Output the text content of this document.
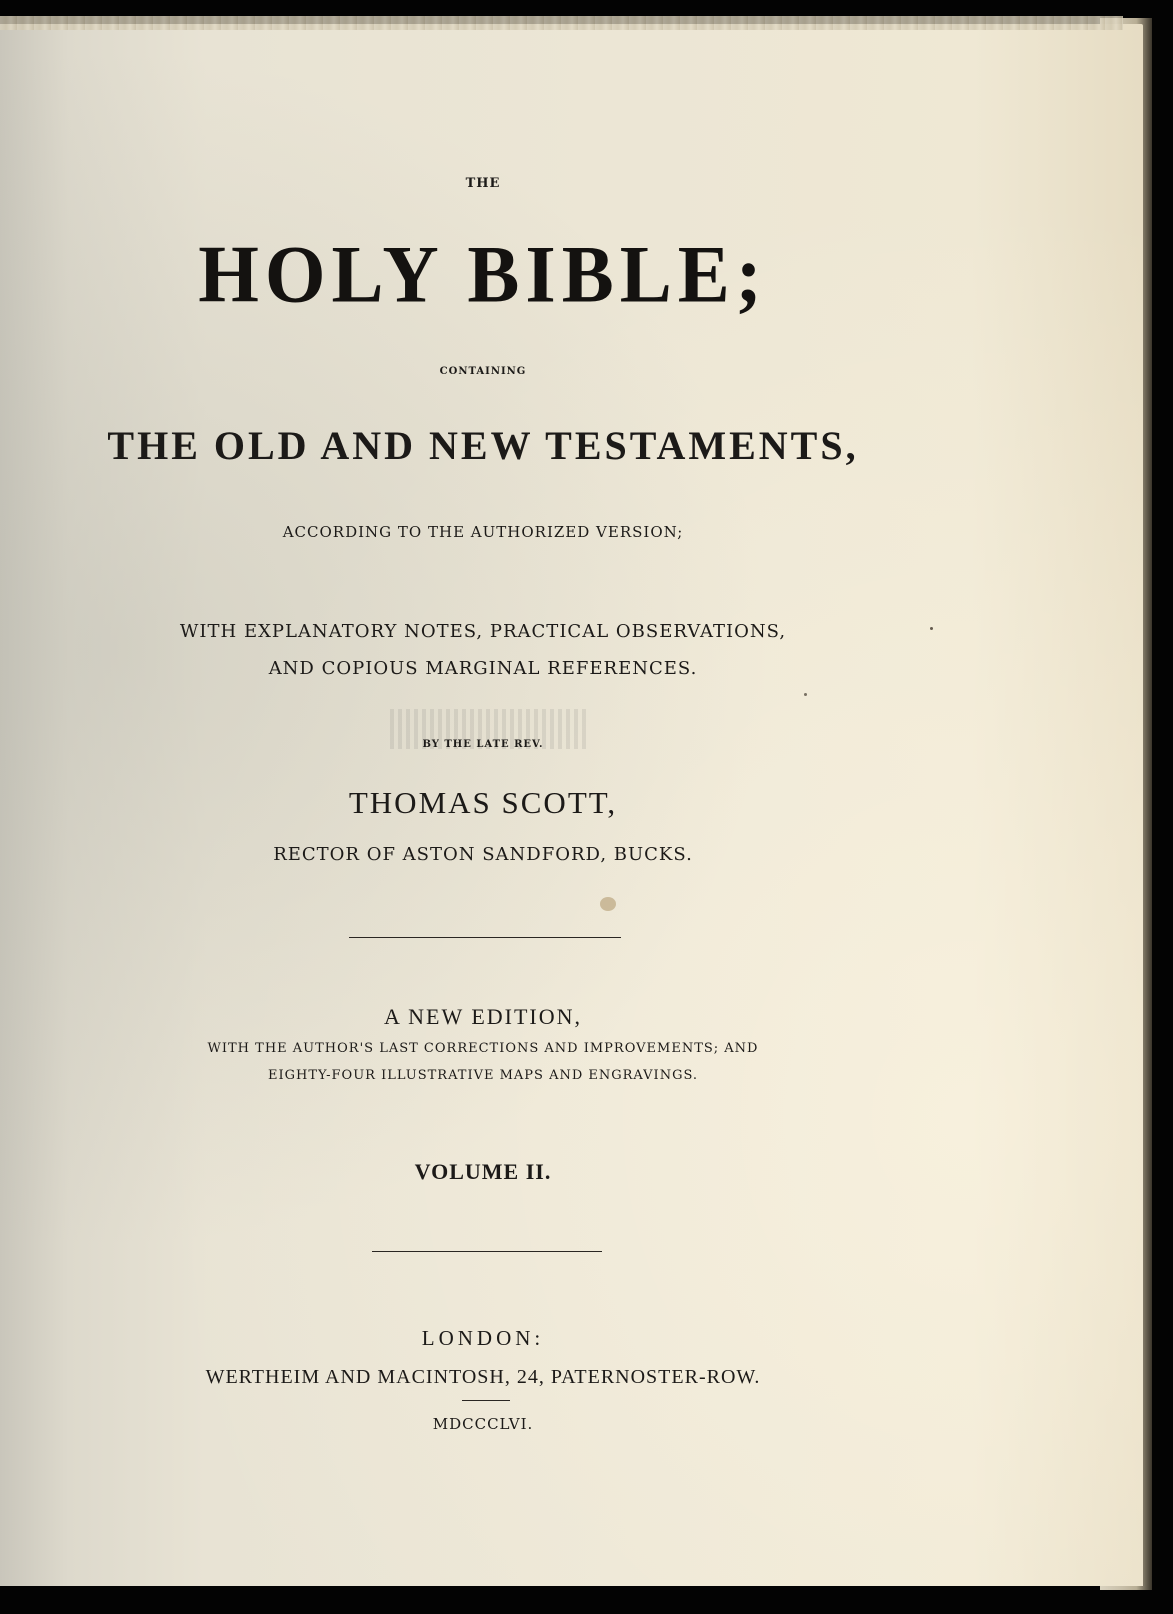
THE
HOLY BIBLE;
CONTAINING
THE OLD AND NEW TESTAMENTS,
ACCORDING TO THE AUTHORIZED VERSION;
WITH EXPLANATORY NOTES, PRACTICAL OBSERVATIONS,
AND COPIOUS MARGINAL REFERENCES.
BY THE LATE REV.
THOMAS SCOTT,
RECTOR OF ASTON SANDFORD, BUCKS.
A NEW EDITION,
WITH THE AUTHOR'S LAST CORRECTIONS AND IMPROVEMENTS; AND
EIGHTY-FOUR ILLUSTRATIVE MAPS AND ENGRAVINGS.
VOLUME II.
LONDON:
WERTHEIM AND MACINTOSH, 24, PATERNOSTER-ROW.
MDCCCLVI.
